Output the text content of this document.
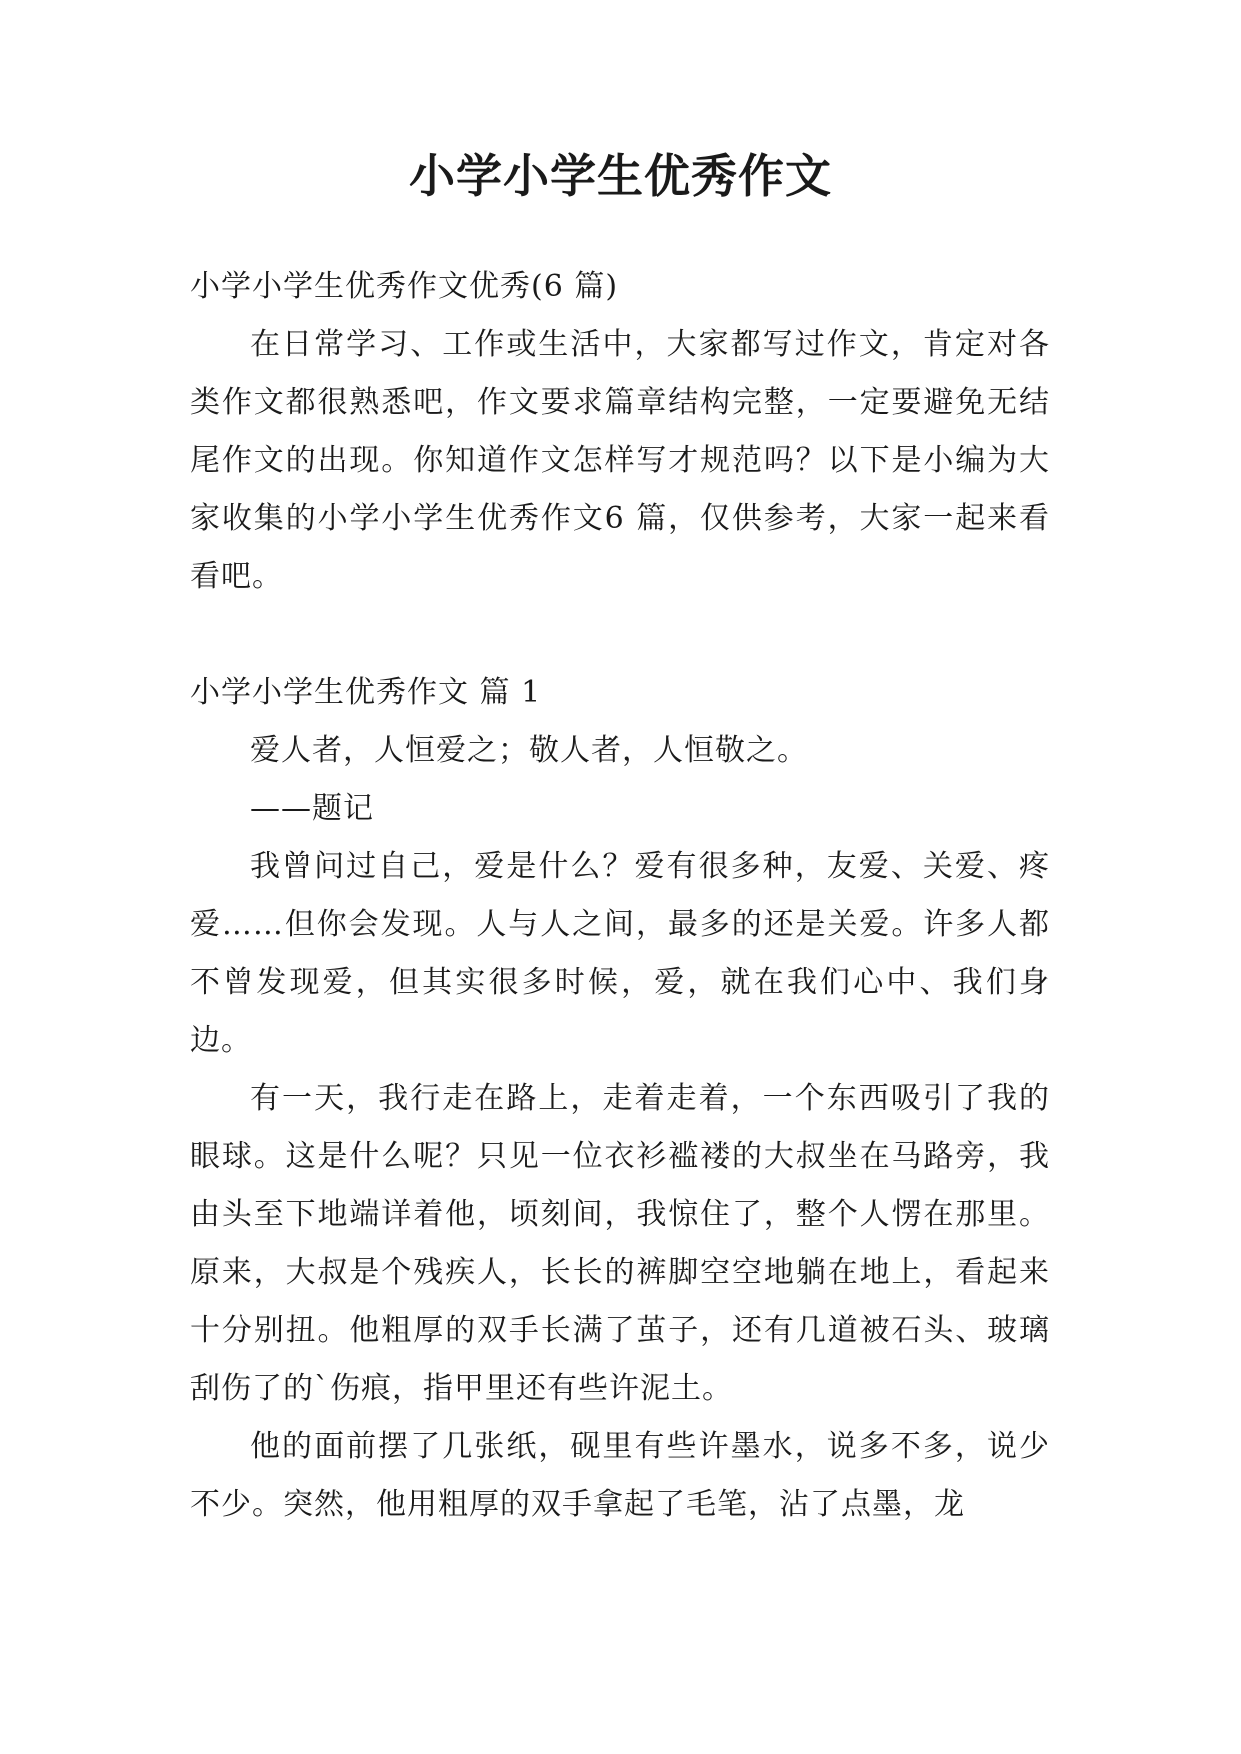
小学小学生优秀作文

小学小学生优秀作文优秀(6 篇)

在日常学习、工作或生活中，大家都写过作文，肯定对各类作文都很熟悉吧，作文要求篇章结构完整，一定要避免无结尾作文的出现。你知道作文怎样写才规范吗？以下是小编为大家收集的小学小学生优秀作文6 篇，仅供参考，大家一起来看看吧。

小学小学生优秀作文 篇 1

爱人者，人恒爱之；敬人者，人恒敬之。

——题记

我曾问过自己，爱是什么？爱有很多种，友爱、关爱、疼爱……但你会发现。人与人之间，最多的还是关爱。许多人都不曾发现爱，但其实很多时候，爱，就在我们心中、我们身边。

有一天，我行走在路上，走着走着，一个东西吸引了我的眼球。这是什么呢？只见一位衣衫褴褛的大叔坐在马路旁，我由头至下地端详着他，顷刻间，我惊住了，整个人愣在那里。原来，大叔是个残疾人，长长的裤脚空空地躺在地上，看起来十分别扭。他粗厚的双手长满了茧子，还有几道被石头、玻璃刮伤了的`伤痕，指甲里还有些许泥土。

他的面前摆了几张纸，砚里有些许墨水，说多不多，说少不少。突然，他用粗厚的双手拿起了毛笔，沾了点墨，龙
